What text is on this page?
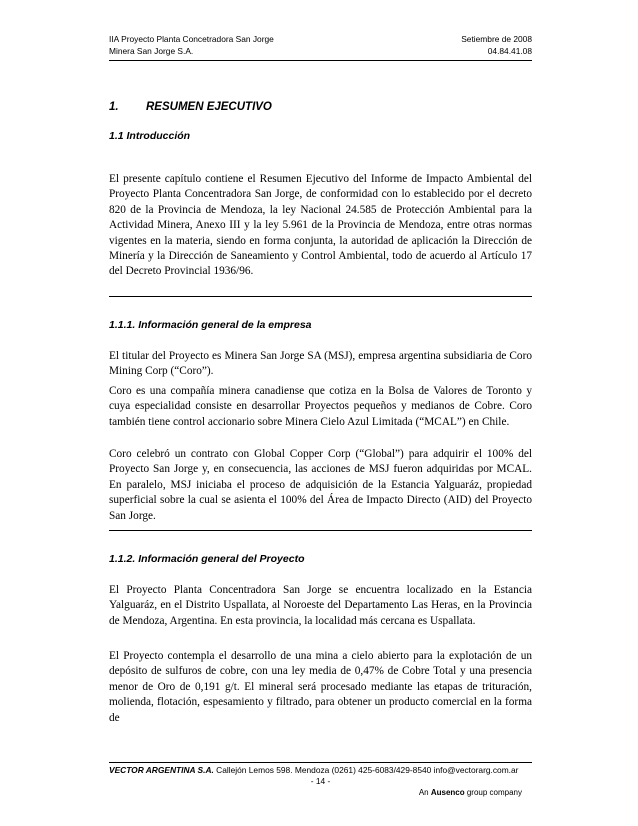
IIA Proyecto Planta Concetradora San Jorge	Setiembre de 2008
Minera San Jorge S.A.	04.84.41.08
1. RESUMEN EJECUTIVO
1.1 Introducción

El presente capítulo contiene el Resumen Ejecutivo del Informe de Impacto Ambiental del Proyecto Planta Concentradora San Jorge, de conformidad con lo establecido por el decreto 820 de la Provincia de Mendoza, la ley Nacional 24.585 de Protección Ambiental para la Actividad Minera, Anexo III y la ley 5.961 de la Provincia de Mendoza, entre otras normas vigentes en la materia, siendo en forma conjunta, la autoridad de aplicación la Dirección de Minería y la Dirección de Saneamiento y Control Ambiental, todo de acuerdo al Artículo 17 del Decreto Provincial 1936/96.

1.1.1. Información general de la empresa

El titular del Proyecto es Minera San Jorge SA (MSJ), empresa argentina subsidiaria de Coro Mining Corp (“Coro”).

Coro es una compañía minera canadiense que cotiza en la Bolsa de Valores de Toronto y cuya especialidad consiste en desarrollar Proyectos pequeños y medianos de Cobre. Coro también tiene control accionario sobre Minera Cielo Azul Limitada (“MCAL”) en Chile.

Coro celebró un contrato con Global Copper Corp (“Global”) para adquirir el 100% del Proyecto San Jorge y, en consecuencia, las acciones de MSJ fueron adquiridas por MCAL. En paralelo, MSJ iniciaba el proceso de adquisición de la Estancia Yalguaráz, propiedad superficial sobre la cual se asienta el 100% del Área de Impacto Directo (AID) del Proyecto San Jorge.

1.1.2. Información general del Proyecto

El Proyecto Planta Concentradora San Jorge se encuentra localizado en la Estancia Yalguaráz, en el Distrito Uspallata, al Noroeste del Departamento Las Heras, en la Provincia de Mendoza, Argentina. En esta provincia, la localidad más cercana es Uspallata.

El Proyecto contempla el desarrollo de una mina a cielo abierto para la explotación de un depósito de sulfuros de cobre, con una ley media de 0,47% de Cobre Total y una presencia menor de Oro de 0,191 g/t. El mineral será procesado mediante las etapas de trituración, molienda, flotación, espesamiento y filtrado, para obtener un producto comercial en la forma de

VECTOR ARGENTINA S.A. Callejón Lemos 598. Mendoza (0261) 425-6083/429-8540 info@vectorarg.com.ar
- 14 -
An Ausenco group company
